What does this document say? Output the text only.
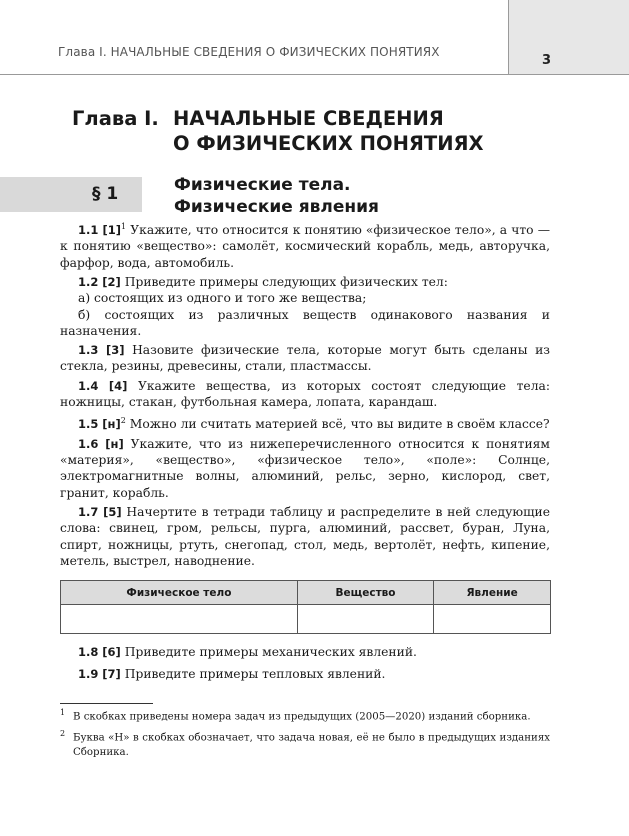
Глава I. НАЧАЛЬНЫЕ СВЕДЕНИЯ О ФИЗИЧЕСКИХ ПОНЯТИЯХ
3
Глава I. НАЧАЛЬНЫЕ СВЕДЕНИЯ
О ФИЗИЧЕСКИХ ПОНЯТИЯХ
§ 1	Физические тела.
Физические явления

1.1 $[1]^1$ Укажите, что относится к понятию «физическое тело», а что — к понятию «вещество»: самолёт, космический корабль, медь, авторучка, фарфор, вода, автомобиль.

1.2 [2] Приведите примеры следующих физических тел:

а) состоящих из одного и того же вещества;

б) состоящих из различных веществ одинакового названия и назначения.

1.3 [3] Назовите физические тела, которые могут быть сделаны из стекла, резины, древесины, стали, пластмассы.

1.4 [4] Укажите вещества, из которых состоят следующие тела: ножницы, стакан, футбольная камера, лопата, карандаш.

1.5 $[н]^2$ Можно ли считать материей всё, что вы видите в своём классе?

1.6 [н] Укажите, что из нижеперечисленного относится к понятиям «материя», «вещество», «физическое тело», «поле»: Солнце, электромагнитные волны, алюминий, рельс, зерно, кислород, свет, гранит, корабль.

1.7 [5] Начертите в тетради таблицу и распределите в ней следующие слова: свинец, гром, рельсы, пурга, алюминий, рассвет, буран, Луна, спирт, ножницы, ртуть, снегопад, стол, медь, вертолёт, нефть, кипение, метель, выстрел, наводнение.

Физическое тело	Вещество	Явление

1.8 [6] Приведите примеры механических явлений.

1.9 [7] Приведите примеры тепловых явлений.

$^1$ В скобках приведены номера задач из предыдущих (2005—2020) изданий сборника.

$^2$ Буква «Н» в скобках обозначает, что задача новая, её не было в предыдущих изданиях Сборника.
